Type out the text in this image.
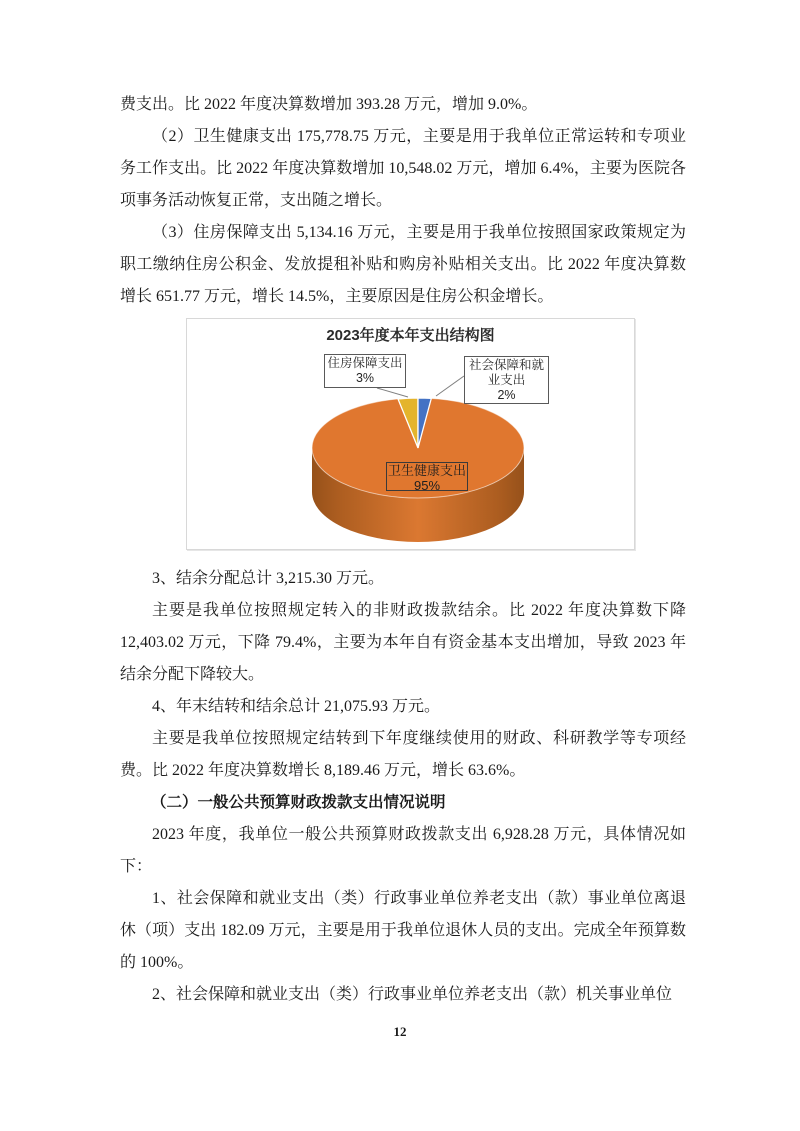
费支出。比 2022 年度决算数增加 393.28 万元，增加 9.0%。

（2）卫生健康支出 175,778.75 万元，主要是用于我单位正常运转和专项业务工作支出。比 2022 年度决算数增加 10,548.02 万元，增加 6.4%，主要为医院各项事务活动恢复正常，支出随之增长。

（3）住房保障支出 5,134.16 万元，主要是用于我单位按照国家政策规定为职工缴纳住房公积金、发放提租补贴和购房补贴相关支出。比 2022 年度决算数增长 651.77 万元，增长 14.5%，主要原因是住房公积金增长。

2023年度本年支出结构图
住房保障支出
3%
社会保障和就业支出
2%
卫生健康支出
95%

3、结余分配总计 3,215.30 万元。

主要是我单位按照规定转入的非财政拨款结余。比 2022 年度决算数下降 12,403.02 万元，下降 79.4%，主要为本年自有资金基本支出增加，导致 2023 年结余分配下降较大。

4、年末结转和结余总计 21,075.93 万元。

主要是我单位按照规定结转到下年度继续使用的财政、科研教学等专项经费。比 2022 年度决算数增长 8,189.46 万元，增长 63.6%。

（二）一般公共预算财政拨款支出情况说明

2023 年度，我单位一般公共预算财政拨款支出 6,928.28 万元，具体情况如下：

1、社会保障和就业支出（类）行政事业单位养老支出（款）事业单位离退休（项）支出 182.09 万元，主要是用于我单位退休人员的支出。完成全年预算数的 100%。

2、社会保障和就业支出（类）行政事业单位养老支出（款）机关事业单位

12
